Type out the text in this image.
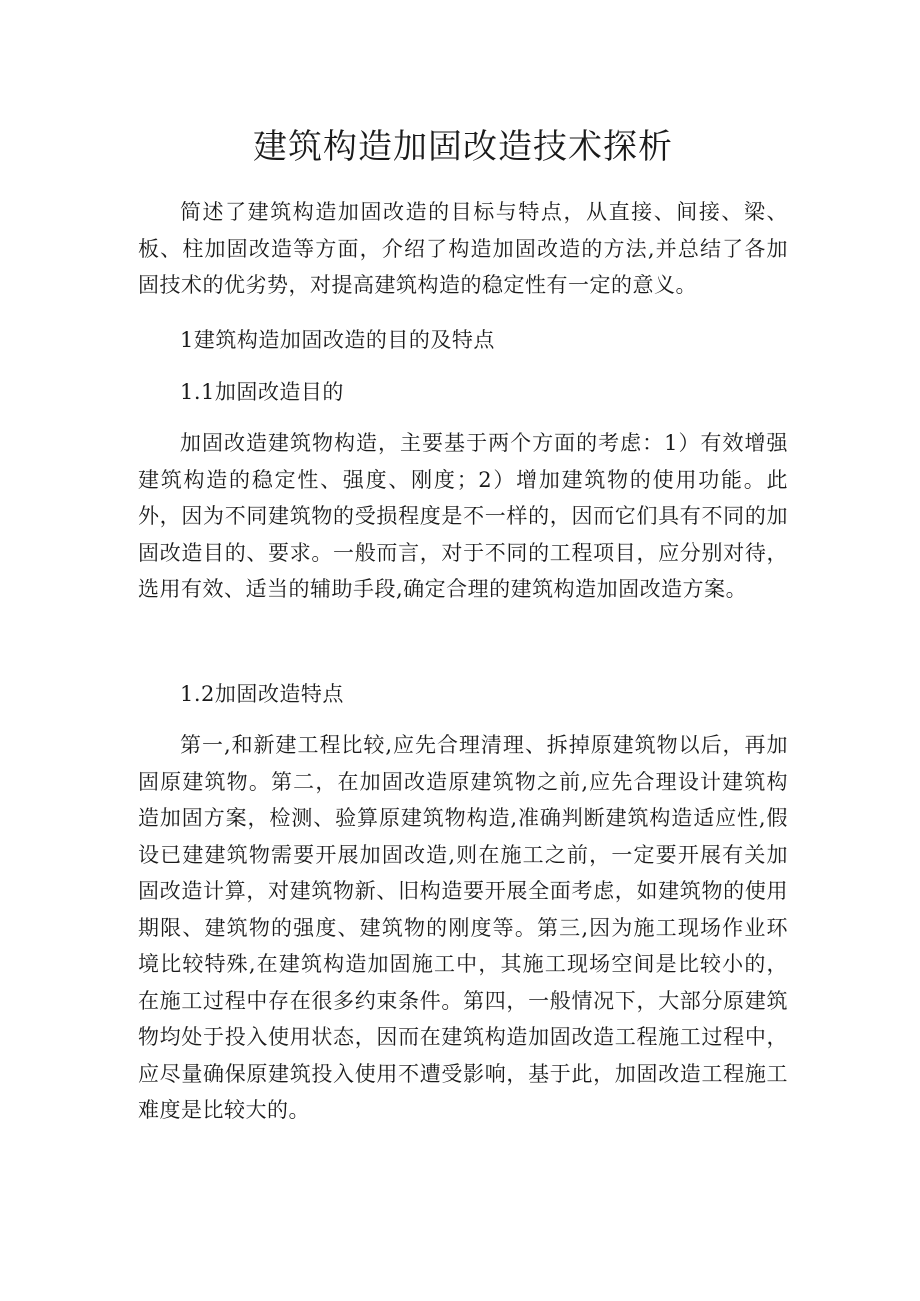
建筑构造加固改造技术探析

简述了建筑构造加固改造的目标与特点，从直接、间接、梁、板、柱加固改造等方面，介绍了构造加固改造的方法,并总结了各加固技术的优劣势，对提高建筑构造的稳定性有一定的意义。

1建筑构造加固改造的目的及特点

1.1加固改造目的

加固改造建筑物构造，主要基于两个方面的考虑：1）有效增强建筑构造的稳定性、强度、刚度；2）增加建筑物的使用功能。此外，因为不同建筑物的受损程度是不一样的，因而它们具有不同的加固改造目的、要求。一般而言，对于不同的工程项目，应分别对待，选用有效、适当的辅助手段,确定合理的建筑构造加固改造方案。

1.2加固改造特点

第一,和新建工程比较,应先合理清理、拆掉原建筑物以后，再加固原建筑物。第二，在加固改造原建筑物之前,应先合理设计建筑构造加固方案，检测、验算原建筑物构造,准确判断建筑构造适应性,假设已建建筑物需要开展加固改造,则在施工之前，一定要开展有关加固改造计算，对建筑物新、旧构造要开展全面考虑，如建筑物的使用期限、建筑物的强度、建筑物的刚度等。第三,因为施工现场作业环境比较特殊,在建筑构造加固施工中，其施工现场空间是比较小的，在施工过程中存在很多约束条件。第四，一般情况下，大部分原建筑物均处于投入使用状态，因而在建筑构造加固改造工程施工过程中，应尽量确保原建筑投入使用不遭受影响，基于此，加固改造工程施工难度是比较大的。
